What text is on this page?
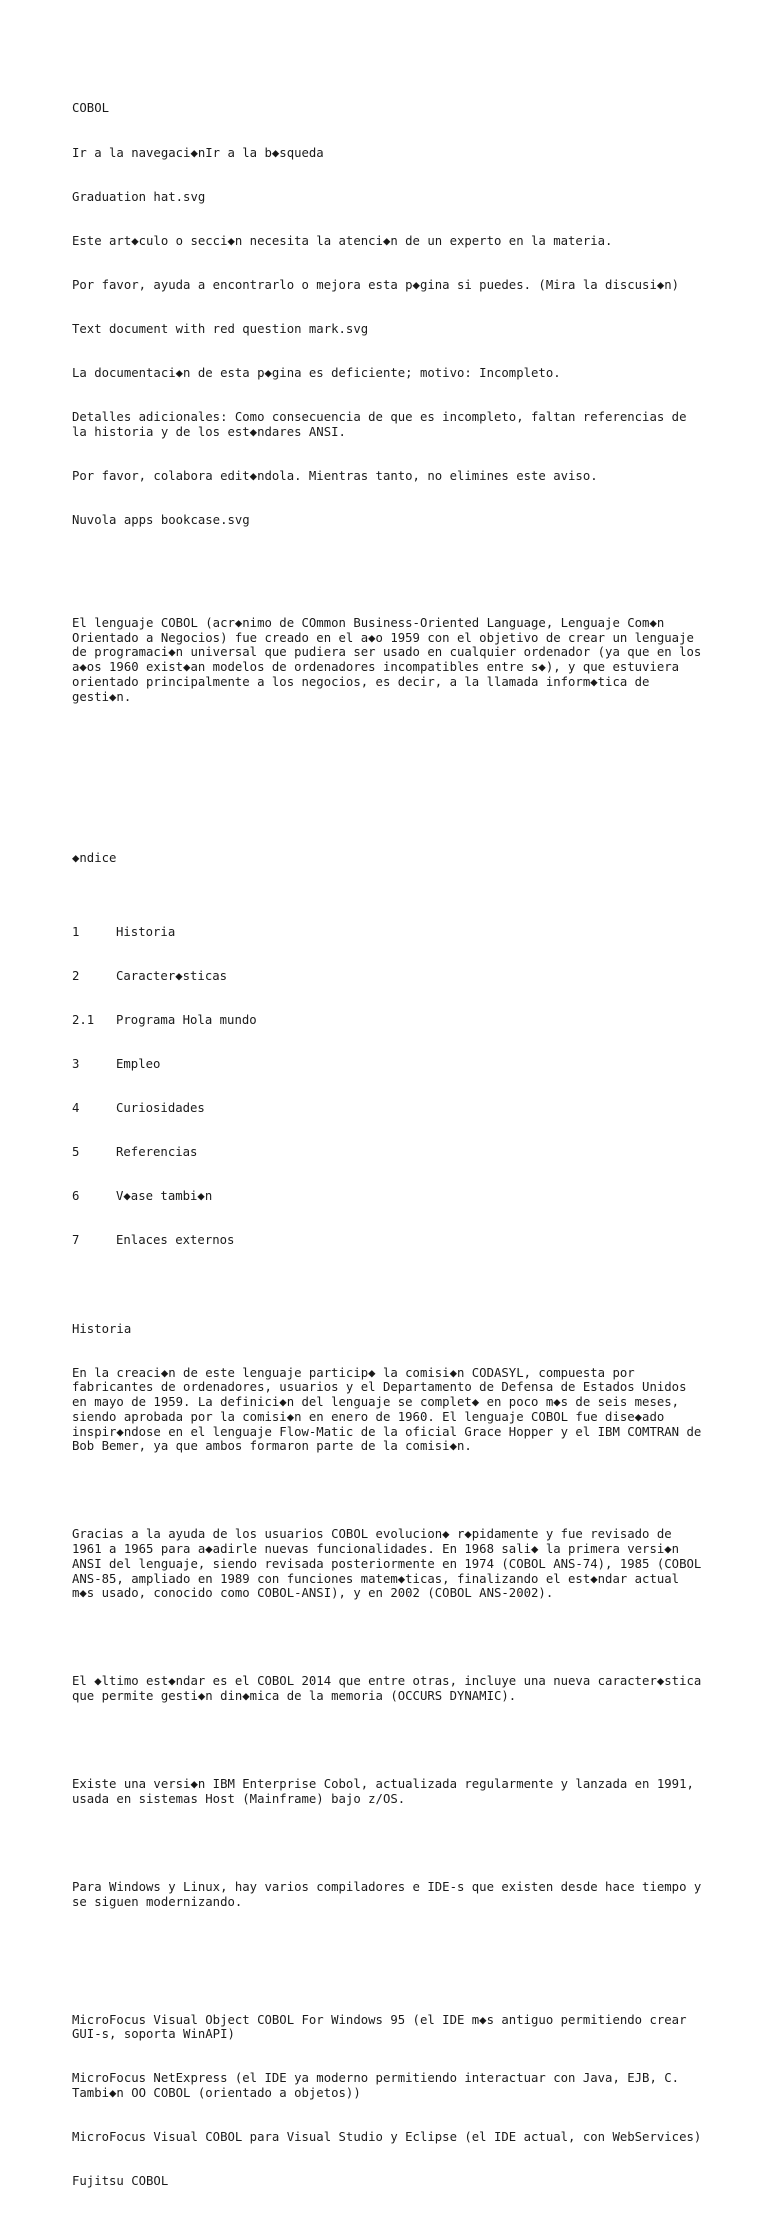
COBOL

Ir a la navegaci◆nIr a la b◆squeda

Graduation hat.svg

Este art◆culo o secci◆n necesita la atenci◆n de un experto en la materia.

Por favor, ayuda a encontrarlo o mejora esta p◆gina si puedes. (Mira la discusi◆n)

Text document with red question mark.svg

La documentaci◆n de esta p◆gina es deficiente; motivo: Incompleto.

Detalles adicionales: Como consecuencia de que es incompleto, faltan referencias de la historia y de los est◆ndares ANSI.

Por favor, colabora edit◆ndola. Mientras tanto, no elimines este aviso.

Nuvola apps bookcase.svg

El lenguaje COBOL (acr◆nimo de COmmon Business-Oriented Language, Lenguaje Com◆n Orientado a Negocios) fue creado en el a◆o 1959 con el objetivo de crear un lenguaje de programaci◆n universal que pudiera ser usado en cualquier ordenador (ya que en los a◆os 1960 exist◆an modelos de ordenadores incompatibles entre s◆), y que estuviera orientado principalmente a los negocios, es decir, a la llamada inform◆tica de gesti◆n.

◆ndice

1	Historia

2	Caracter◆sticas

2.1 Programa Hola mundo

3	Empleo

4	Curiosidades

5	Referencias

6	V◆ase tambi◆n

7	Enlaces externos

Historia

En la creaci◆n de este lenguaje particip◆ la comisi◆n CODASYL, compuesta por fabricantes de ordenadores, usuarios y el Departamento de Defensa de Estados Unidos en mayo de 1959. La definici◆n del lenguaje se complet◆ en poco m◆s de seis meses, siendo aprobada por la comisi◆n en enero de 1960. El lenguaje COBOL fue dise◆ado inspir◆ndose en el lenguaje Flow-Matic de la oficial Grace Hopper y el IBM COMTRAN de Bob Bemer, ya que ambos formaron parte de la comisi◆n.

Gracias a la ayuda de los usuarios COBOL evolucion◆ r◆pidamente y fue revisado de 1961 a 1965 para a◆adirle nuevas funcionalidades. En 1968 sali◆ la primera versi◆n ANSI del lenguaje, siendo revisada posteriormente en 1974 (COBOL ANS-74), 1985 (COBOL ANS-85, ampliado en 1989 con funciones matem◆ticas, finalizando el est◆ndar actual m◆s usado, conocido como COBOL-ANSI), y en 2002 (COBOL ANS-2002).

El ◆ltimo est◆ndar es el COBOL 2014 que entre otras, incluye una nueva caracter◆stica que permite gesti◆n din◆mica de la memoria (OCCURS DYNAMIC).

Existe una versi◆n IBM Enterprise Cobol, actualizada regularmente y lanzada en 1991, usada en sistemas Host (Mainframe) bajo z/OS.

Para Windows y Linux, hay varios compiladores e IDE-s que existen desde hace tiempo y se siguen modernizando.

MicroFocus Visual Object COBOL For Windows 95 (el IDE m◆s antiguo permitiendo crear GUI-s, soporta WinAPI)

MicroFocus NetExpress (el IDE ya moderno permitiendo interactuar con Java, EJB, C. Tambi◆n OO COBOL (orientado a objetos))

MicroFocus Visual COBOL para Visual Studio y Eclipse (el IDE actual, con WebServices)

Fujitsu COBOL
